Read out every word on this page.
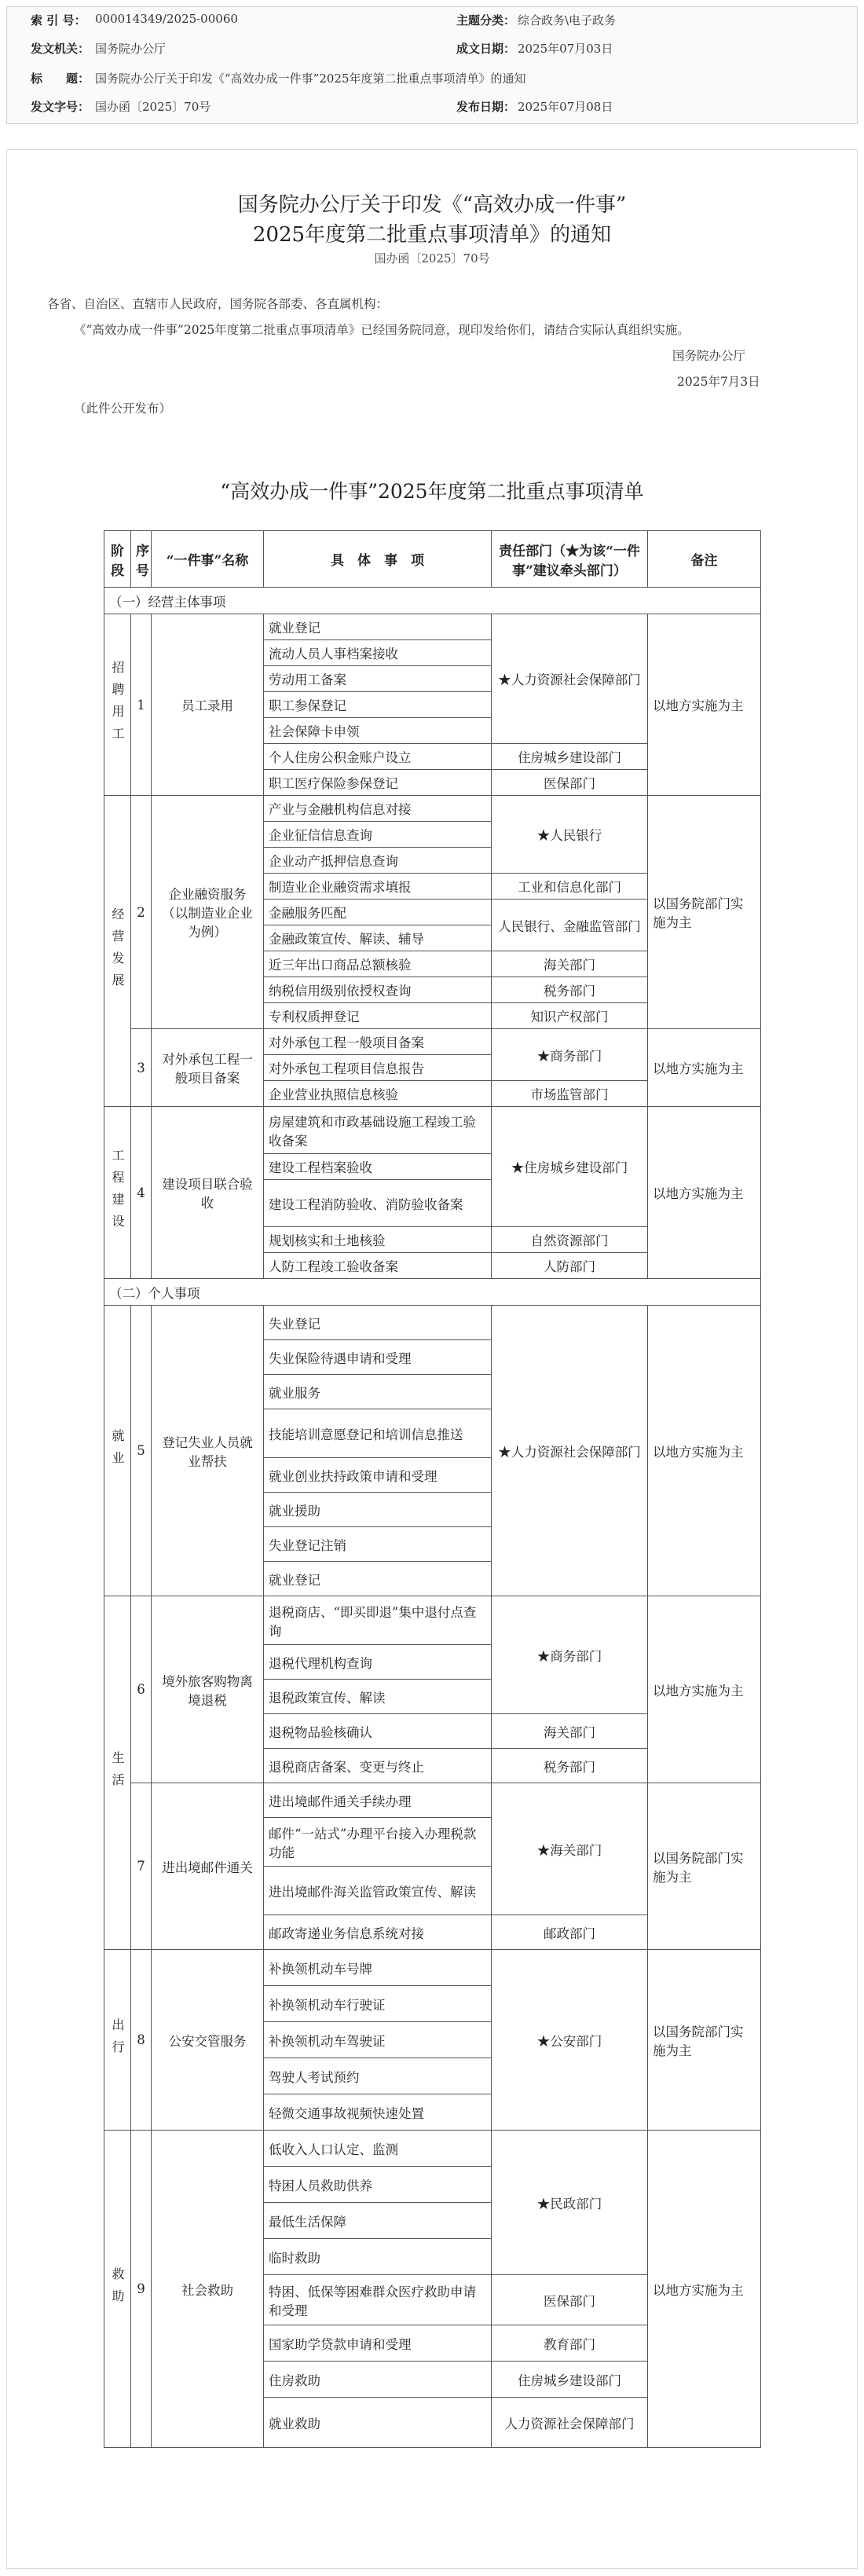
索 引 号： 000014349/2025-00060	主题分类： 综合政务\电子政务
发文机关： 国务院办公厅	成文日期： 2025年07月03日
标　　题： 国务院办公厅关于印发《“高效办成一件事”2025年度第二批重点事项清单》的通知
发文字号： 国办函〔2025〕70号	发布日期： 2025年07月08日
国务院办公厅关于印发《“高效办成一件事”
2025年度第二批重点事项清单》的通知
国办函〔2025〕70号
各省、自治区、直辖市人民政府，国务院各部委、各直属机构：
《“高效办成一件事”2025年度第二批重点事项清单》已经国务院同意，现印发给你们，请结合实际认真组织实施。
国务院办公厅
2025年7月3日
（此件公开发布）
“高效办成一件事”2025年度第二批重点事项清单
阶段	序号	“一件事”名称	具　体　事　项	责任部门（★为该“一件事”建议牵头部门）	备注
（一）经营主体事项					
招聘用工	1	员工录用	就业登记	★人力资源社会保障部门	以地方实施为主
			流动人员人事档案接收		
			劳动用工备案		
			职工参保登记		
			社会保障卡申领		
			个人住房公积金账户设立	住房城乡建设部门	
			职工医疗保险参保登记	医保部门	
经营发展	2	企业融资服务（以制造业企业为例）	产业与金融机构信息对接	★人民银行	以国务院部门实施为主
			企业征信信息查询		
			企业动产抵押信息查询		
			制造业企业融资需求填报	工业和信息化部门	
			金融服务匹配	人民银行、金融监管部门	
			金融政策宣传、解读、辅导		
			近三年出口商品总额核验	海关部门	
			纳税信用级别依授权查询	税务部门	
			专利权质押登记	知识产权部门	
	3	对外承包工程一般项目备案	对外承包工程一般项目备案	★商务部门	以地方实施为主
			对外承包工程项目信息报告		
			企业营业执照信息核验	市场监管部门	
工程建设	4	建设项目联合验收	房屋建筑和市政基础设施工程竣工验收备案	★住房城乡建设部门	以地方实施为主
			建设工程档案验收		
			建设工程消防验收、消防验收备案		
			规划核实和土地核验	自然资源部门	
			人防工程竣工验收备案	人防部门	
（二）个人事项					
就业	5	登记失业人员就业帮扶	失业登记	★人力资源社会保障部门	以地方实施为主
			失业保险待遇申请和受理		
			就业服务		
			技能培训意愿登记和培训信息推送		
			就业创业扶持政策申请和受理		
			就业援助		
			失业登记注销		
			就业登记		
生活	6	境外旅客购物离境退税	退税商店、“即买即退”集中退付点查询	★商务部门	以地方实施为主
			退税代理机构查询		
			退税政策宣传、解读		
			退税物品验核确认	海关部门	
			退税商店备案、变更与终止	税务部门	
	7	进出境邮件通关	进出境邮件通关手续办理	★海关部门	以国务院部门实施为主
			邮件“一站式”办理平台接入办理税款功能		
			进出境邮件海关监管政策宣传、解读		
			邮政寄递业务信息系统对接	邮政部门	
出行	8	公安交管服务	补换领机动车号牌	★公安部门	以国务院部门实施为主
			补换领机动车行驶证		
			补换领机动车驾驶证		
			驾驶人考试预约		
			轻微交通事故视频快速处置		
救助	9	社会救助	低收入人口认定、监测	★民政部门	以地方实施为主
			特困人员救助供养		
			最低生活保障		
			临时救助		
			特困、低保等困难群众医疗救助申请和受理	医保部门	
			国家助学贷款申请和受理	教育部门	
			住房救助	住房城乡建设部门	
			就业救助	人力资源社会保障部门	
